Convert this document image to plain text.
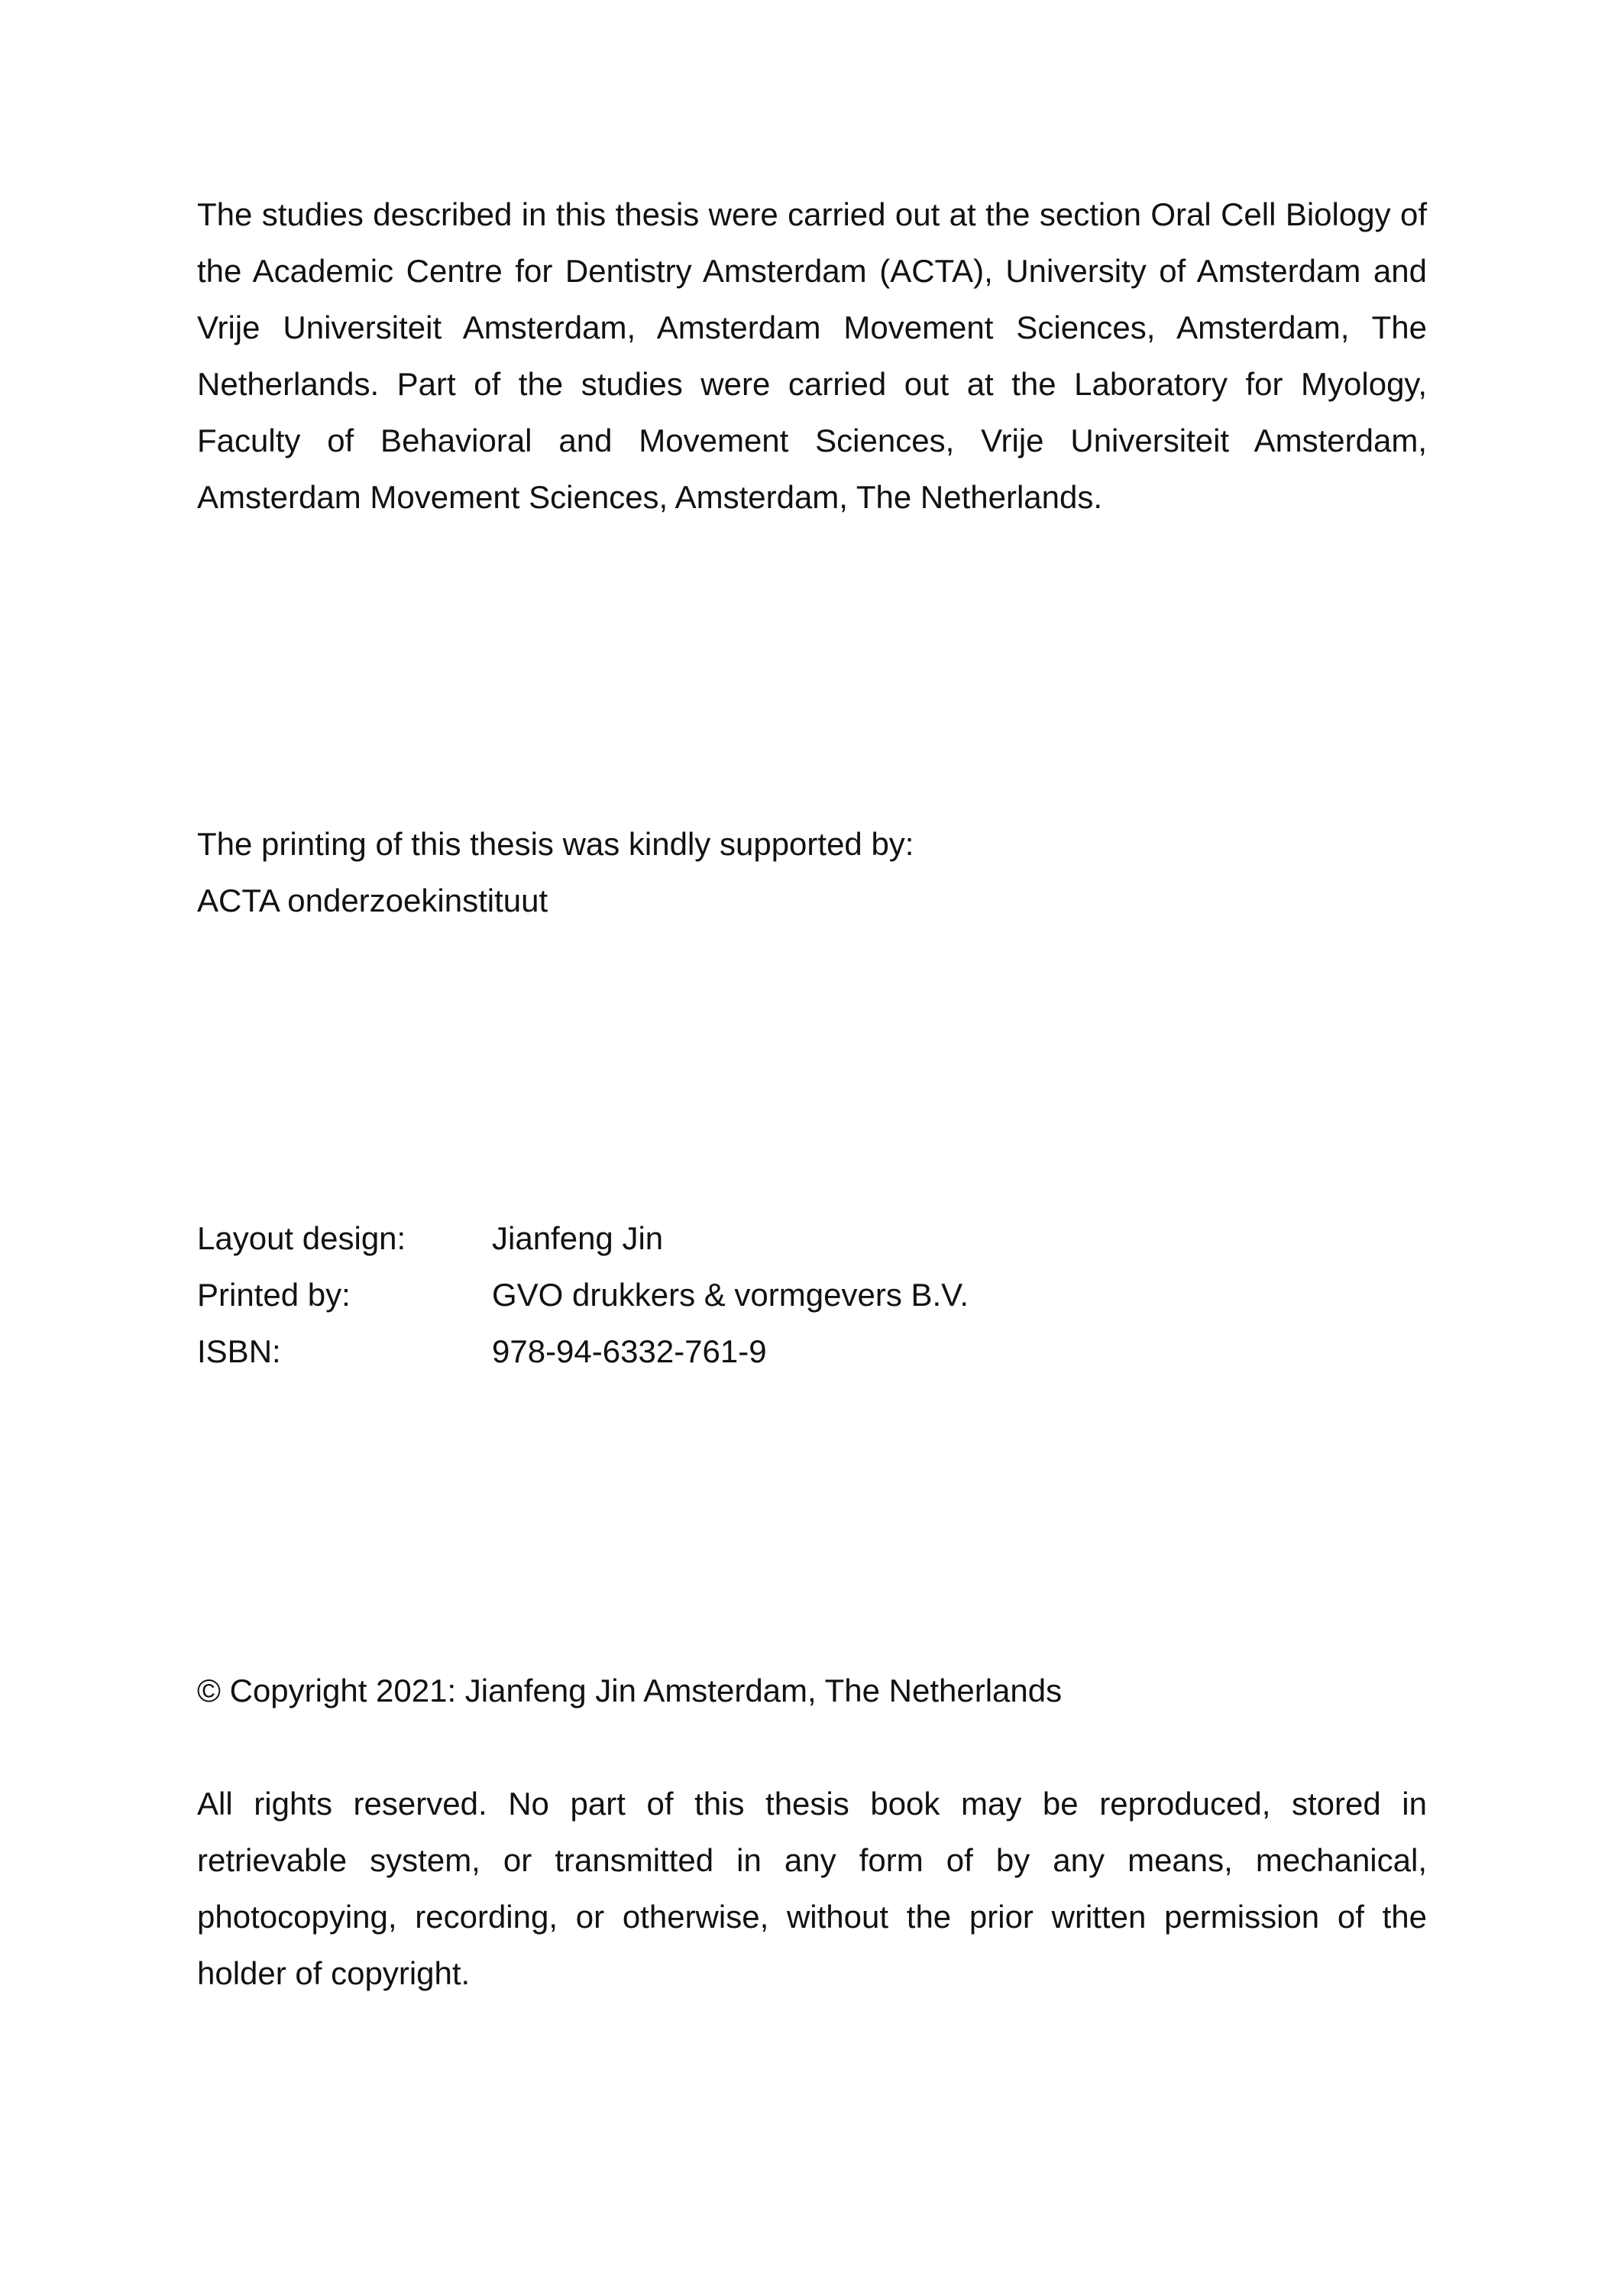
The studies described in this thesis were carried out at the section Oral Cell Biology of the Academic Centre for Dentistry Amsterdam (ACTA), University of Amsterdam and Vrije Universiteit Amsterdam, Amsterdam Movement Sciences, Amsterdam, The Netherlands. Part of the studies were carried out at the Laboratory for Myology, Faculty of Behavioral and Movement Sciences, Vrije Universiteit Amsterdam, Amsterdam Movement Sciences, Amsterdam, The Netherlands.

The printing of this thesis was kindly supported by:

ACTA onderzoekinstituut

Layout design:	Jianfeng Jin
Printed by:	GVO drukkers & vormgevers B.V.
ISBN:	978-94-6332-761-9

© Copyright 2021: Jianfeng Jin Amsterdam, The Netherlands

All rights reserved. No part of this thesis book may be reproduced, stored in retrievable system, or transmitted in any form of by any means, mechanical, photocopying, recording, or otherwise, without the prior written permission of the holder of copyright.
